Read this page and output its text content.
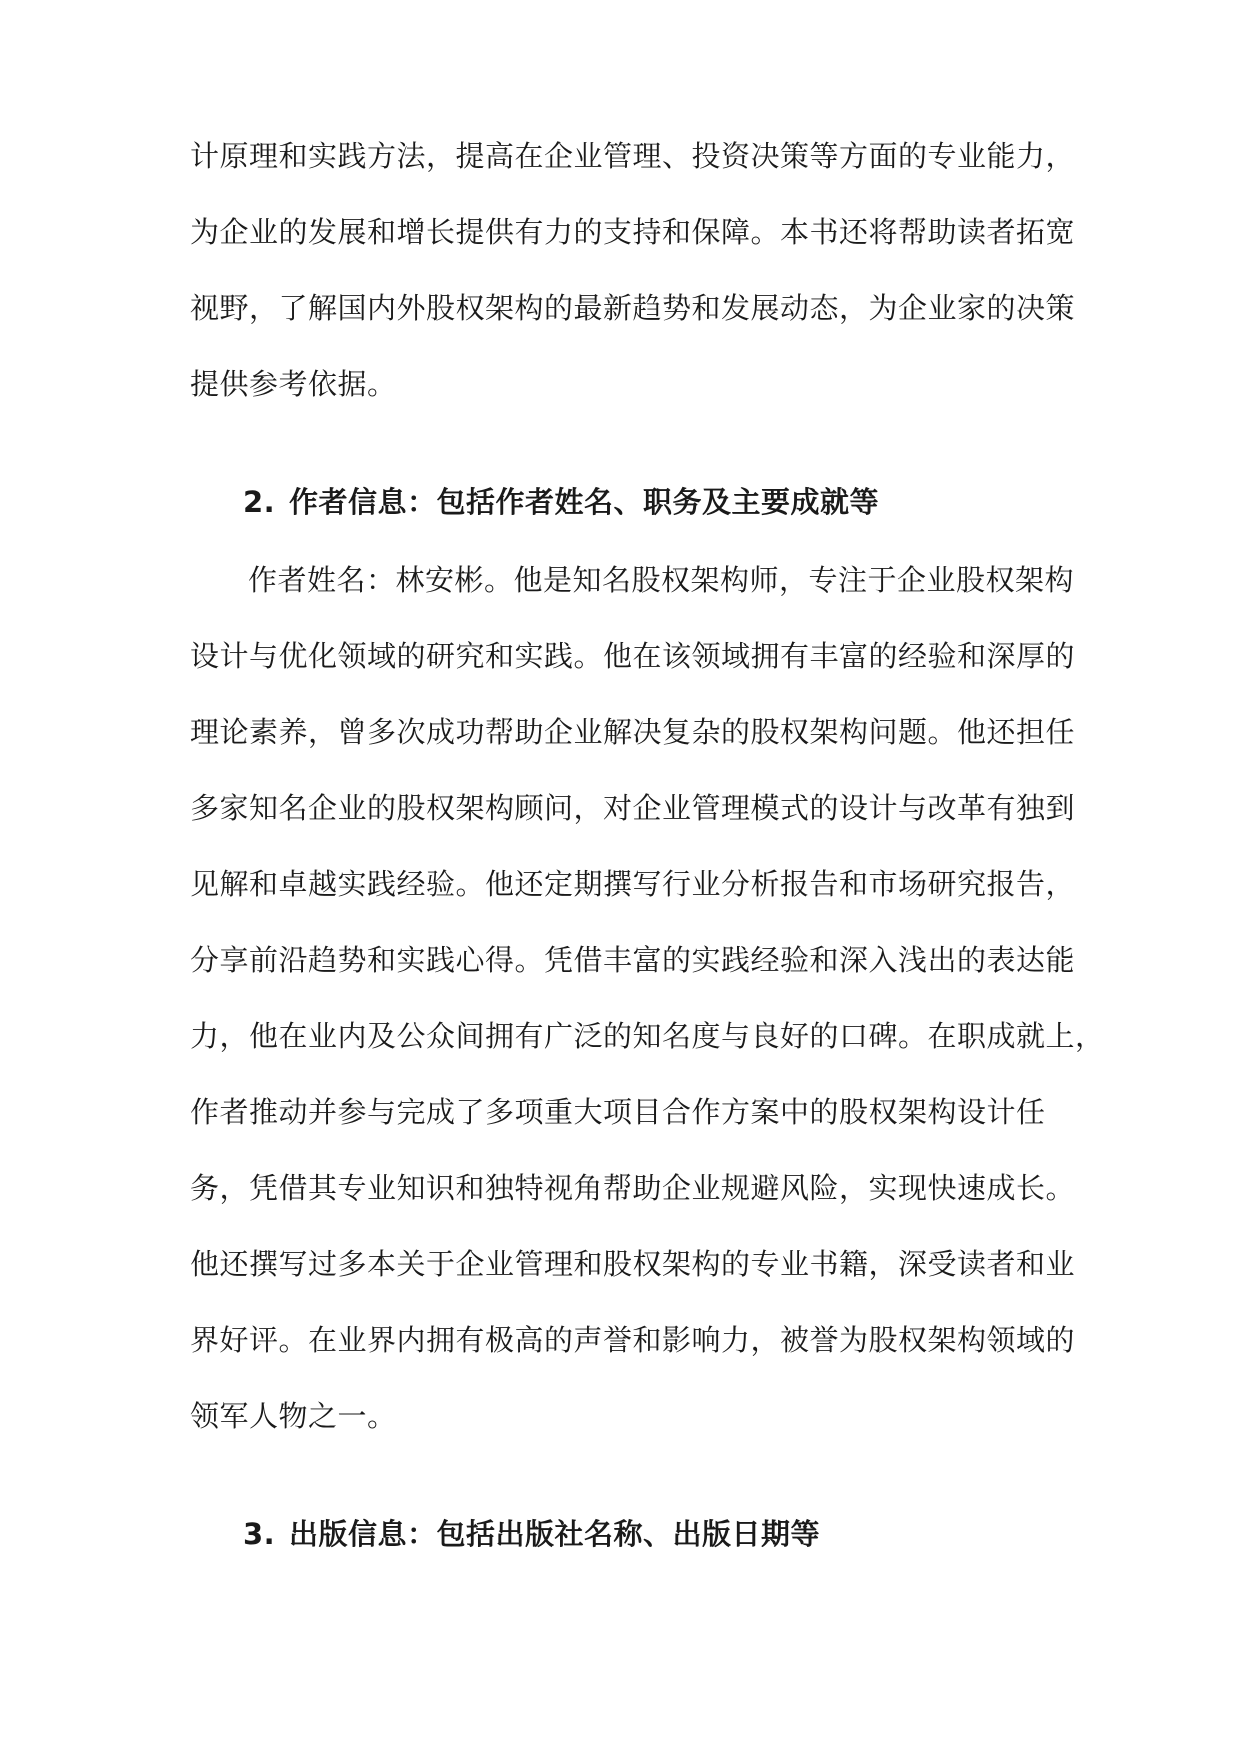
计原理和实践方法，提高在企业管理、投资决策等方面的专业能力，
为企业的发展和增长提供有力的支持和保障。本书还将帮助读者拓宽
视野，了解国内外股权架构的最新趋势和发展动态，为企业家的决策
提供参考依据。
2. 作者信息：包括作者姓名、职务及主要成就等
作者姓名：林安彬。他是知名股权架构师，专注于企业股权架构
设计与优化领域的研究和实践。他在该领域拥有丰富的经验和深厚的
理论素养，曾多次成功帮助企业解决复杂的股权架构问题。他还担任
多家知名企业的股权架构顾问，对企业管理模式的设计与改革有独到
见解和卓越实践经验。他还定期撰写行业分析报告和市场研究报告，
分享前沿趋势和实践心得。凭借丰富的实践经验和深入浅出的表达能
力，他在业内及公众间拥有广泛的知名度与良好的口碑。在职成就上，
作者推动并参与完成了多项重大项目合作方案中的股权架构设计任
务，凭借其专业知识和独特视角帮助企业规避风险，实现快速成长。
他还撰写过多本关于企业管理和股权架构的专业书籍，深受读者和业
界好评。在业界内拥有极高的声誉和影响力，被誉为股权架构领域的
领军人物之一。
3. 出版信息：包括出版社名称、出版日期等
